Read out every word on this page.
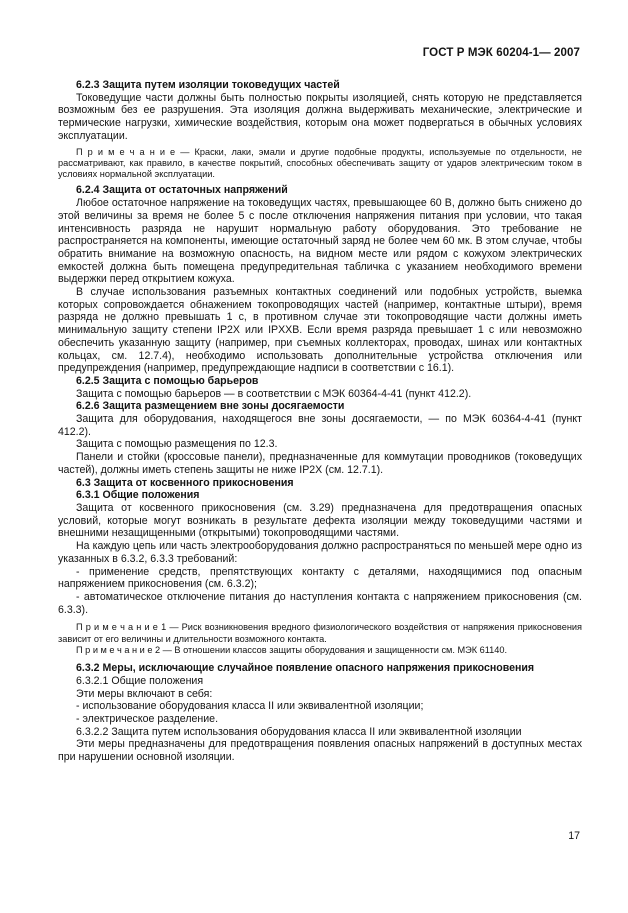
ГОСТ Р МЭК 60204-1— 2007

6.2.3 Защита путем изоляции токоведущих частей

Токоведущие части должны быть полностью покрыты изоляцией, снять которую не представляется возможным без ее разрушения. Эта изоляция должна выдерживать механические, электрические и термические нагрузки, химические воздействия, которым она может подвергаться в обычных условиях эксплуатации.

П р и м е ч а н и е — Краски, лаки, эмали и другие подобные продукты, используемые по отдельности, не рассматривают, как правило, в качестве покрытий, способных обеспечивать защиту от ударов электрическим током в условиях нормальной эксплуатации.

6.2.4 Защита от остаточных напряжений

Любое остаточное напряжение на токоведущих частях, превышающее 60 В, должно быть снижено до этой величины за время не более 5 с после отключения напряжения питания при условии, что такая интенсивность разряда не нарушит нормальную работу оборудования. Это требование не распространяется на компоненты, имеющие остаточный заряд не более чем 60 мк. В этом случае, чтобы обратить внимание на возможную опасность, на видном месте или рядом с кожухом электрических емкостей должна быть помещена предупредительная табличка с указанием необходимого времени выдержки перед открытием кожуха.

В случае использования разъемных контактных соединений или подобных устройств, выемка которых сопровождается обнажением токопроводящих частей (например, контактные штыри), время разряда не должно превышать 1 с, в противном случае эти токопроводящие части должны иметь минимальную защиту степени IP2X или IPXXB. Если время разряда превышает 1 с или невозможно обеспечить указанную защиту (например, при съемных коллекторах, проводах, шинах или контактных кольцах, см. 12.7.4), необходимо использовать дополнительные устройства отключения или предупреждения (например, предупреждающие надписи в соответствии с 16.1).

6.2.5 Защита с помощью барьеров

Защита с помощью барьеров — в соответствии с МЭК 60364-4-41 (пункт 412.2).

6.2.6 Защита размещением вне зоны досягаемости

Защита для оборудования, находящегося вне зоны досягаемости, — по МЭК 60364-4-41 (пункт 412.2).

Защита с помощью размещения по 12.3.

Панели и стойки (кроссовые панели), предназначенные для коммутации проводников (токоведущих частей), должны иметь степень защиты не ниже IP2X (см. 12.7.1).

6.3 Защита от косвенного прикосновения

6.3.1 Общие положения

Защита от косвенного прикосновения (см. 3.29) предназначена для предотвращения опасных условий, которые могут возникать в результате дефекта изоляции между токоведущими частями и внешними незащищенными (открытыми) токопроводящими частями.

На каждую цепь или часть электрооборудования должно распространяться по меньшей мере одно из указанных в 6.3.2, 6.3.3 требований:

- применение средств, препятствующих контакту с деталями, находящимися под опасным напряжением прикосновения (см. 6.3.2);

- автоматическое отключение питания до наступления контакта с напряжением прикосновения (см. 6.3.3).

П р и м е ч а н и е 1 — Риск возникновения вредного физиологического воздействия от напряжения прикосновения зависит от его величины и длительности возможного контакта.

П р и м е ч а н и е 2 — В отношении классов защиты оборудования и защищенности см. МЭК 61140.

6.3.2 Меры, исключающие случайное появление опасного напряжения прикосновения

6.3.2.1 Общие положения

Эти меры включают в себя:

- использование оборудования класса II или эквивалентной изоляции;

- электрическое разделение.

6.3.2.2 Защита путем использования оборудования класса II или эквивалентной изоляции

Эти меры предназначены для предотвращения появления опасных напряжений в доступных местах при нарушении основной изоляции.

17
